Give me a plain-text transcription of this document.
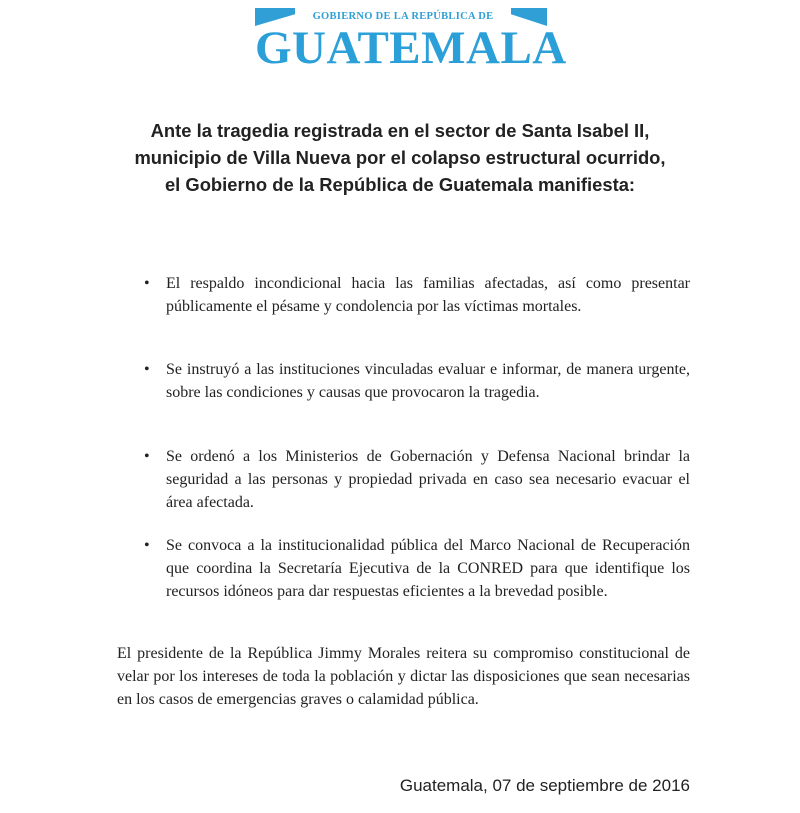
GOBIERNO DE LA REPÚBLICA DE
GUATEMALA
Ante la tragedia registrada en el sector de Santa Isabel II,
municipio de Villa Nueva por el colapso estructural ocurrido,
el Gobierno de la República de Guatemala manifiesta:
• El respaldo incondicional hacia las familias afectadas, así como presentar públicamente el pésame y condolencia por las víctimas mortales.
• Se instruyó a las instituciones vinculadas evaluar e informar, de manera urgente, sobre las condiciones y causas que provocaron la tragedia.
• Se ordenó a los Ministerios de Gobernación y Defensa Nacional brindar la seguridad a las personas y propiedad privada en caso sea necesario evacuar el área afectada.
• Se convoca a la institucionalidad pública del Marco Nacional de Recuperación que coordina la Secretaría Ejecutiva de la CONRED para que identifique los recursos idóneos para dar respuestas eficientes a la brevedad posible.
El presidente de la República Jimmy Morales reitera su compromiso constitucional de velar por los intereses de toda la población y dictar las disposiciones que sean necesarias en los casos de emergencias graves o calamidad pública.
Guatemala, 07 de septiembre de 2016
